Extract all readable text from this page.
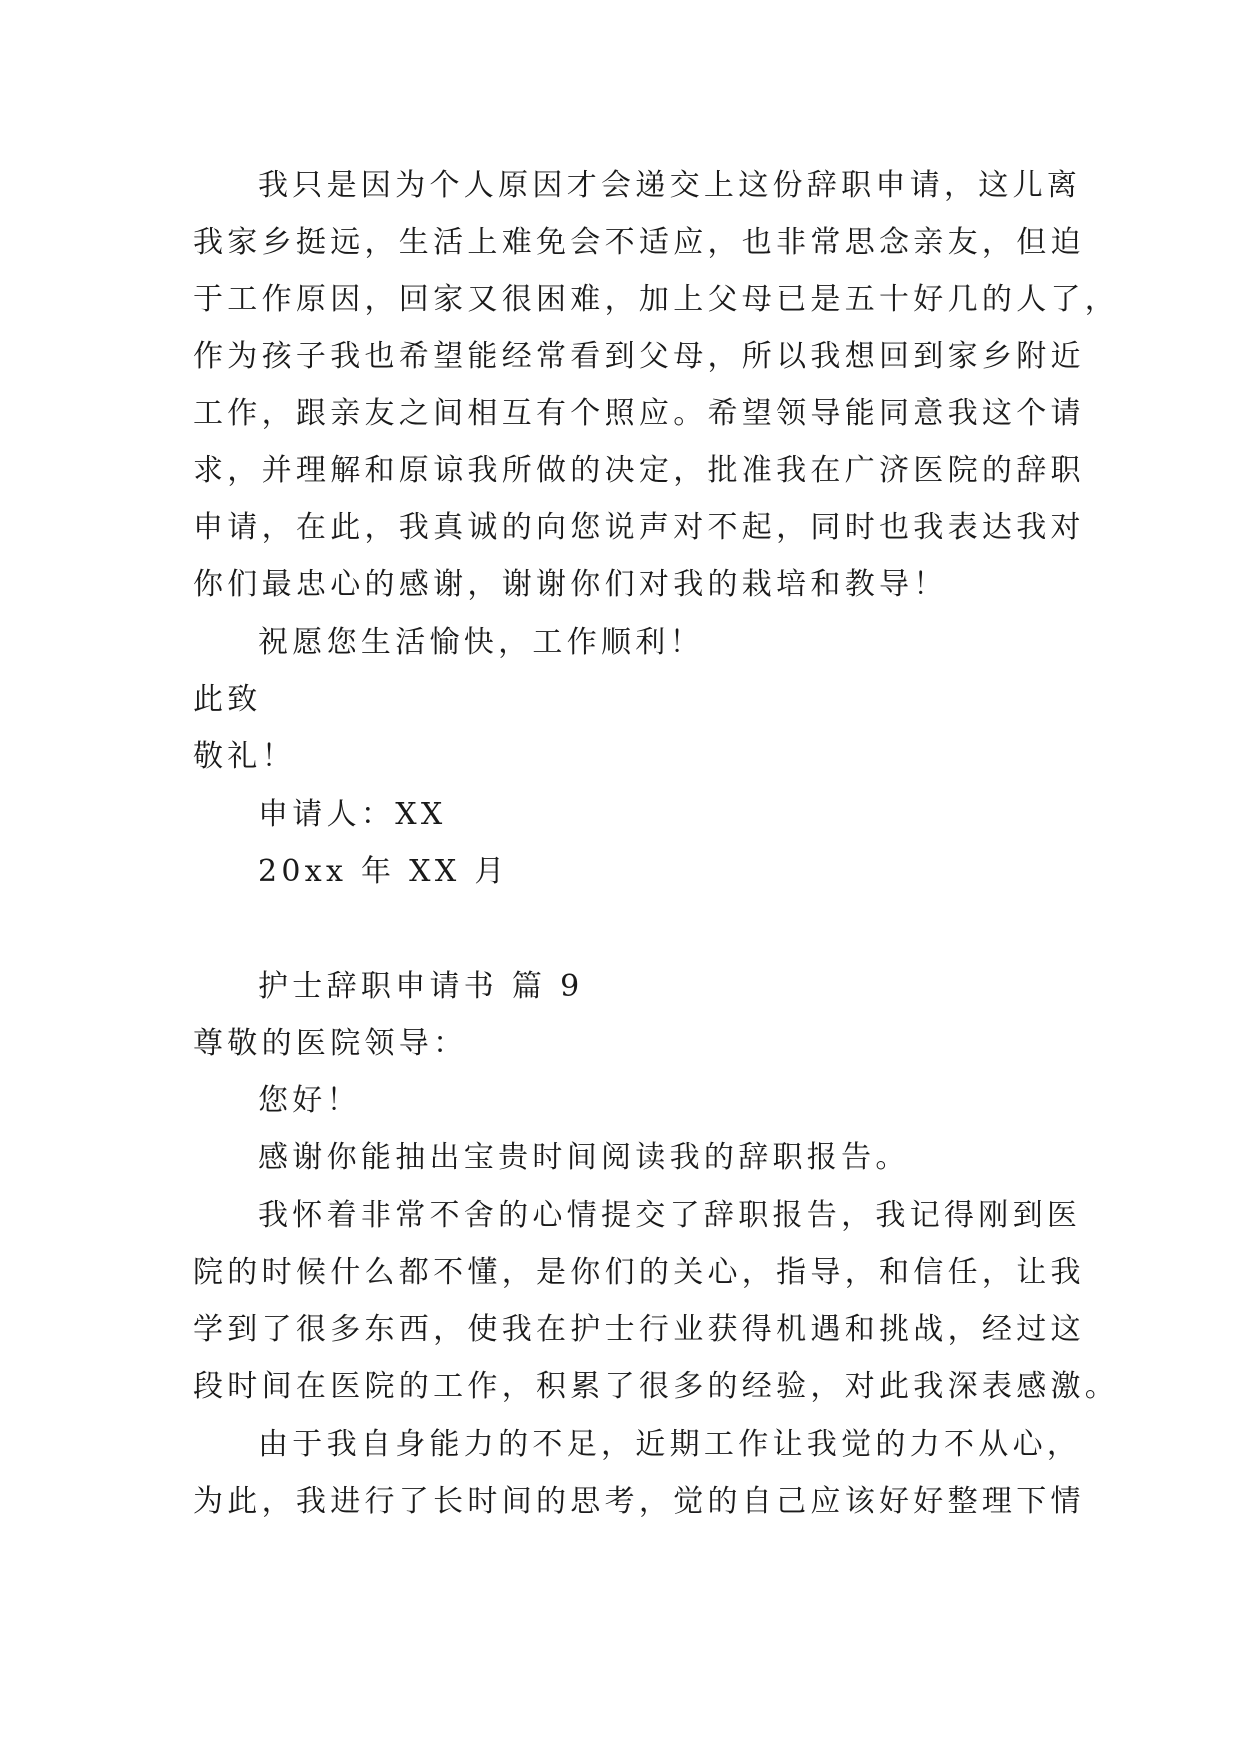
我只是因为个人原因才会递交上这份辞职申请，这儿离
我家乡挺远，生活上难免会不适应，也非常思念亲友，但迫
于工作原因，回家又很困难，加上父母已是五十好几的人了，
作为孩子我也希望能经常看到父母，所以我想回到家乡附近
工作，跟亲友之间相互有个照应。希望领导能同意我这个请
求，并理解和原谅我所做的决定，批准我在广济医院的辞职
申请，在此，我真诚的向您说声对不起，同时也我表达我对
你们最忠心的感谢，谢谢你们对我的栽培和教导！
祝愿您生活愉快，工作顺利！
此致
敬礼！
申请人：XX
20xx 年 XX 月
护士辞职申请书 篇 9
尊敬的医院领导：
您好！
感谢你能抽出宝贵时间阅读我的辞职报告。
我怀着非常不舍的心情提交了辞职报告，我记得刚到医
院的时候什么都不懂，是你们的关心，指导，和信任，让我
学到了很多东西，使我在护士行业获得机遇和挑战，经过这
段时间在医院的工作，积累了很多的经验，对此我深表感激。
由于我自身能力的不足，近期工作让我觉的力不从心，
为此，我进行了长时间的思考，觉的自己应该好好整理下情
